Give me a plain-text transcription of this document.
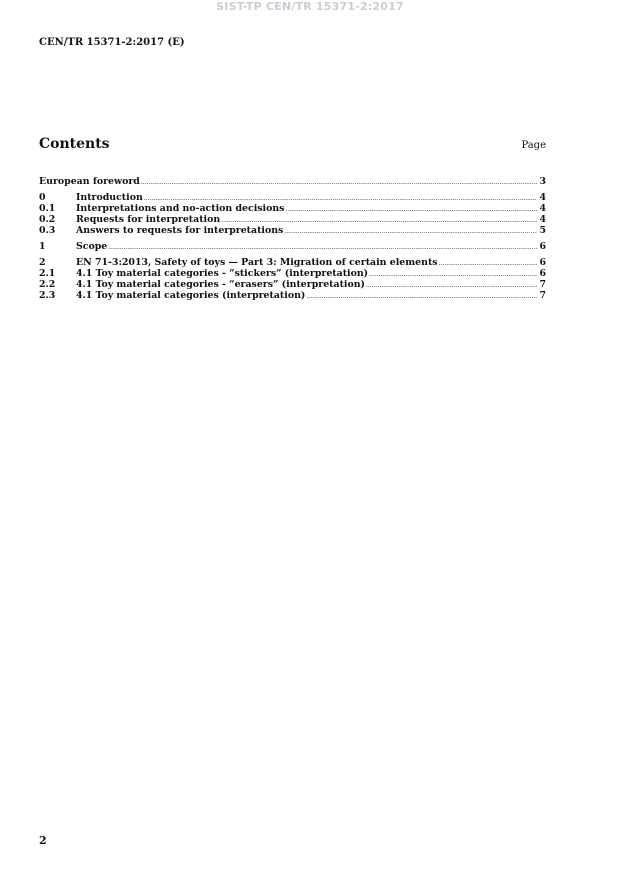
SIST-TP CEN/TR 15371-2:2017
CEN/TR 15371-2:2017 (E)
Contents	Page
European foreword .....	3
0	Introduction .....	4
0.1	Interpretations and no-action decisions .....	4
0.2	Requests for interpretation .....	4
0.3	Answers to requests for interpretations .....	5
1	Scope .....	6
2	EN 71-3:2013, Safety of toys — Part 3: Migration of certain elements .....	6
2.1	4.1 Toy material categories - “stickers” (interpretation) .....	6
2.2	4.1 Toy material categories - “erasers” (interpretation) .....	7
2.3	4.1 Toy material categories (interpretation) .....	7
2
